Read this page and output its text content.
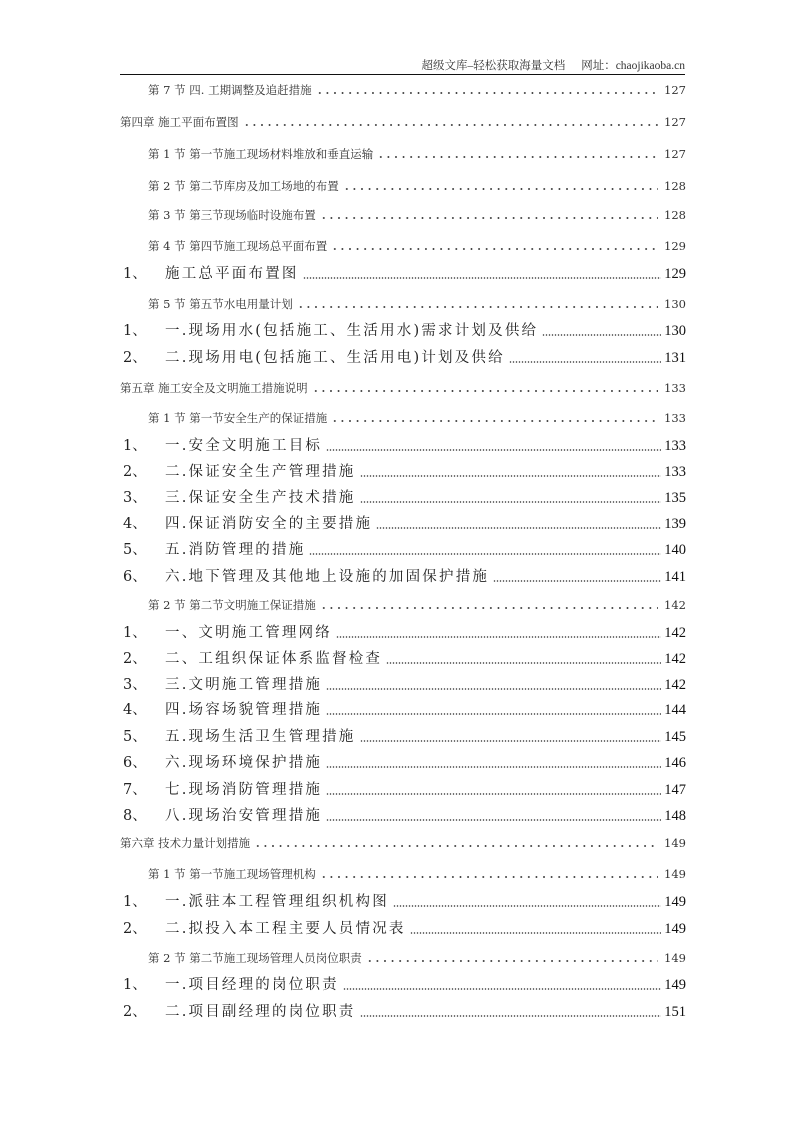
超级文库–轻松获取海量文档 网址：chaojikaoba.cn
第 7 节 四. 工期调整及追赶措施	127
第四章 施工平面布置图	127
第 1 节 第一节施工现场材料堆放和垂直运输	127
第 2 节 第二节库房及加工场地的布置	128
第 3 节 第三节现场临时设施布置	128
第 4 节 第四节施工现场总平面布置	129
1、 施工总平面布置图	129
第 5 节 第五节水电用量计划	130
1、 一.现场用水(包括施工、生活用水)需求计划及供给	130
2、 二.现场用电(包括施工、生活用电)计划及供给	131
第五章 施工安全及文明施工措施说明	133
第 1 节 第一节安全生产的保证措施	133
1、 一.安全文明施工目标	133
2、 二.保证安全生产管理措施	133
3、 三.保证安全生产技术措施	135
4、 四.保证消防安全的主要措施	139
5、 五.消防管理的措施	140
6、 六.地下管理及其他地上设施的加固保护措施	141
第 2 节 第二节文明施工保证措施	142
1、 一、文明施工管理网络	142
2、 二、工组织保证体系监督检查	142
3、 三.文明施工管理措施	142
4、 四.场容场貌管理措施	144
5、 五.现场生活卫生管理措施	145
6、 六.现场环境保护措施	146
7、 七.现场消防管理措施	147
8、 八.现场治安管理措施	148
第六章 技术力量计划措施	149
第 1 节 第一节施工现场管理机构	149
1、 一.派驻本工程管理组织机构图	149
2、 二.拟投入本工程主要人员情况表	149
第 2 节 第二节施工现场管理人员岗位职责	149
1、 一.项目经理的岗位职责	149
2、 二.项目副经理的岗位职责	151
